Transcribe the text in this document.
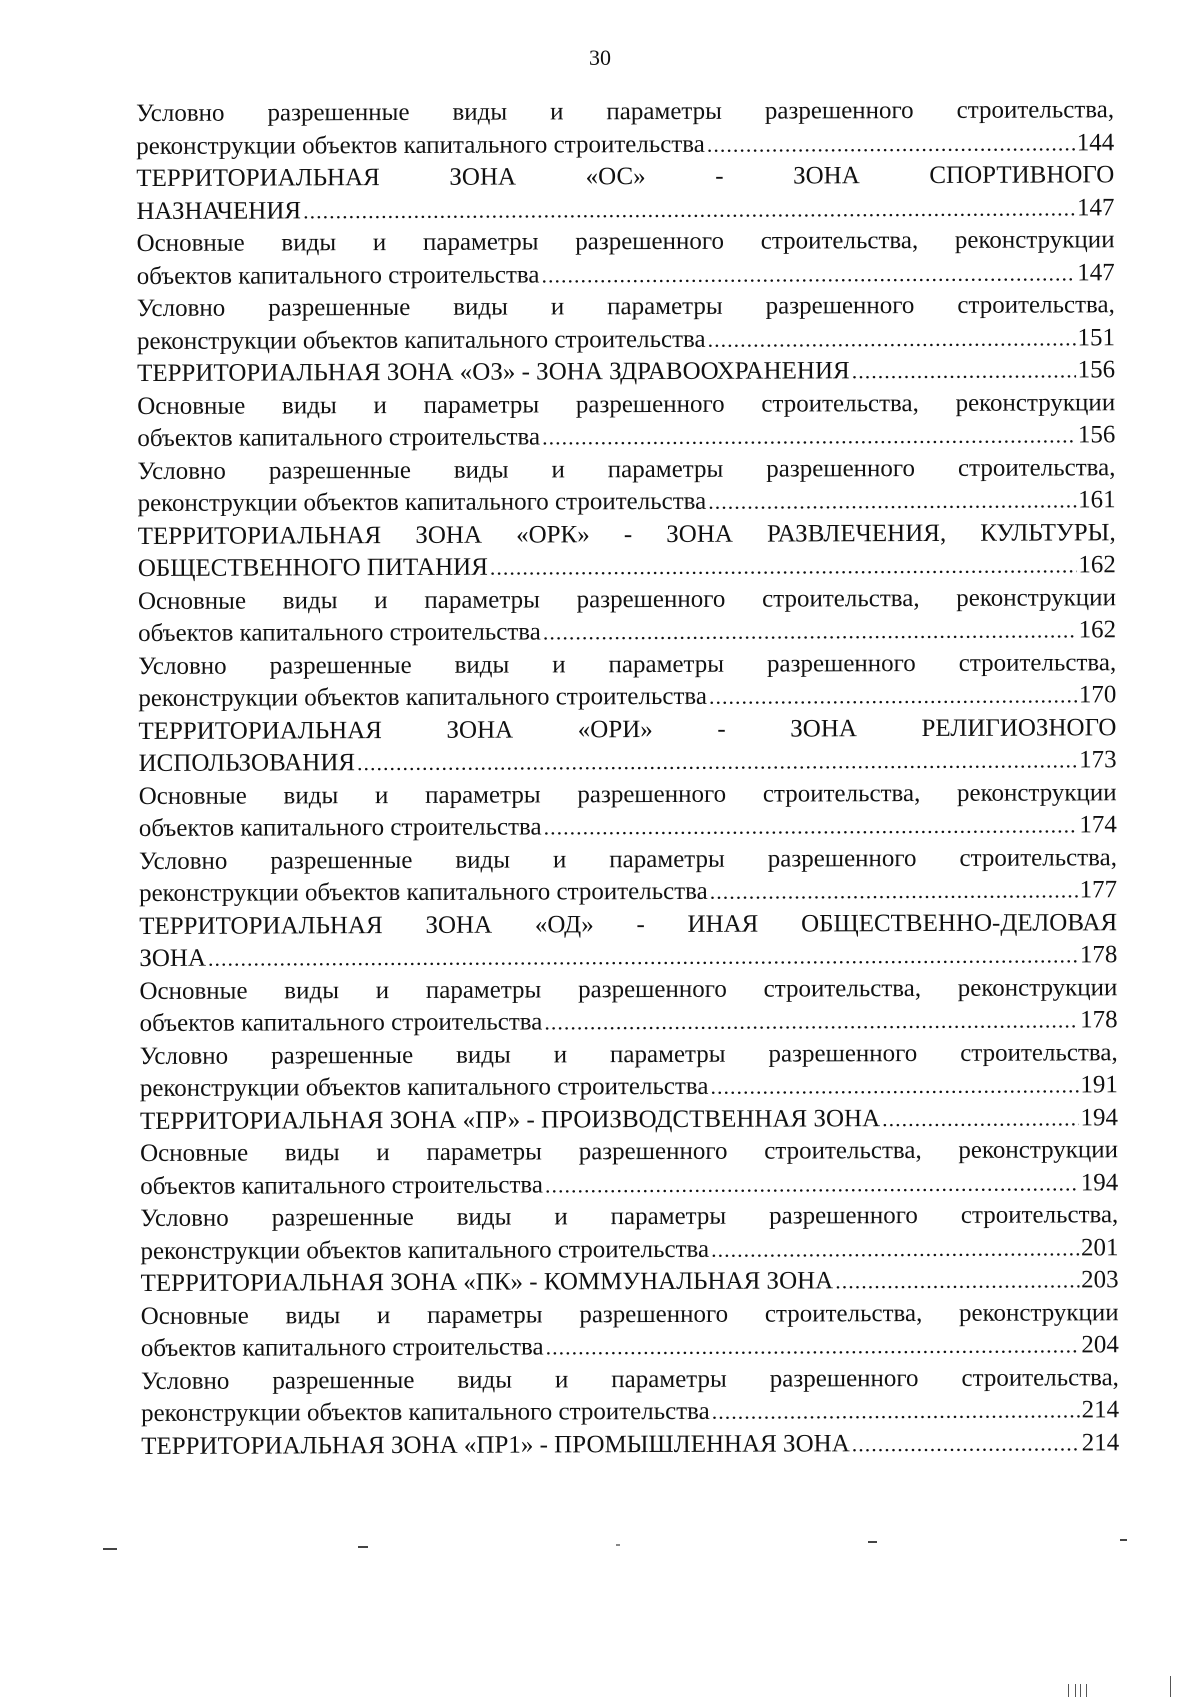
30
Условно разрешенные виды и параметры разрешенного строительства,
реконструкции объектов капитального строительства .....	144
ТЕРРИТОРИАЛЬНАЯ ЗОНА «ОС» - ЗОНА СПОРТИВНОГО
НАЗНАЧЕНИЯ .....	147
Основные виды и параметры разрешенного строительства, реконструкции
объектов капитального строительства .....	147
Условно разрешенные виды и параметры разрешенного строительства,
реконструкции объектов капитального строительства .....	151
ТЕРРИТОРИАЛЬНАЯ ЗОНА «ОЗ» - ЗОНА ЗДРАВООХРАНЕНИЯ .....	156
Основные виды и параметры разрешенного строительства, реконструкции
объектов капитального строительства .....	156
Условно разрешенные виды и параметры разрешенного строительства,
реконструкции объектов капитального строительства .....	161
ТЕРРИТОРИАЛЬНАЯ ЗОНА «ОРК» - ЗОНА РАЗВЛЕЧЕНИЯ, КУЛЬТУРЫ,
ОБЩЕСТВЕННОГО ПИТАНИЯ .....	162
Основные виды и параметры разрешенного строительства, реконструкции
объектов капитального строительства .....	162
Условно разрешенные виды и параметры разрешенного строительства,
реконструкции объектов капитального строительства .....	170
ТЕРРИТОРИАЛЬНАЯ ЗОНА «ОРИ» - ЗОНА РЕЛИГИОЗНОГО
ИСПОЛЬЗОВАНИЯ .....	173
Основные виды и параметры разрешенного строительства, реконструкции
объектов капитального строительства .....	174
Условно разрешенные виды и параметры разрешенного строительства,
реконструкции объектов капитального строительства .....	177
ТЕРРИТОРИАЛЬНАЯ ЗОНА «ОД» - ИНАЯ ОБЩЕСТВЕННО-ДЕЛОВАЯ
ЗОНА .....	178
Основные виды и параметры разрешенного строительства, реконструкции
объектов капитального строительства .....	178
Условно разрешенные виды и параметры разрешенного строительства,
реконструкции объектов капитального строительства .....	191
ТЕРРИТОРИАЛЬНАЯ ЗОНА «ПР» - ПРОИЗВОДСТВЕННАЯ ЗОНА .....	194
Основные виды и параметры разрешенного строительства, реконструкции
объектов капитального строительства .....	194
Условно разрешенные виды и параметры разрешенного строительства,
реконструкции объектов капитального строительства .....	201
ТЕРРИТОРИАЛЬНАЯ ЗОНА «ПК» - КОММУНАЛЬНАЯ ЗОНА .....	203
Основные виды и параметры разрешенного строительства, реконструкции
объектов капитального строительства .....	204
Условно разрешенные виды и параметры разрешенного строительства,
реконструкции объектов капитального строительства .....	214
ТЕРРИТОРИАЛЬНАЯ ЗОНА «ПР1» - ПРОМЫШЛЕННАЯ ЗОНА .....	214
